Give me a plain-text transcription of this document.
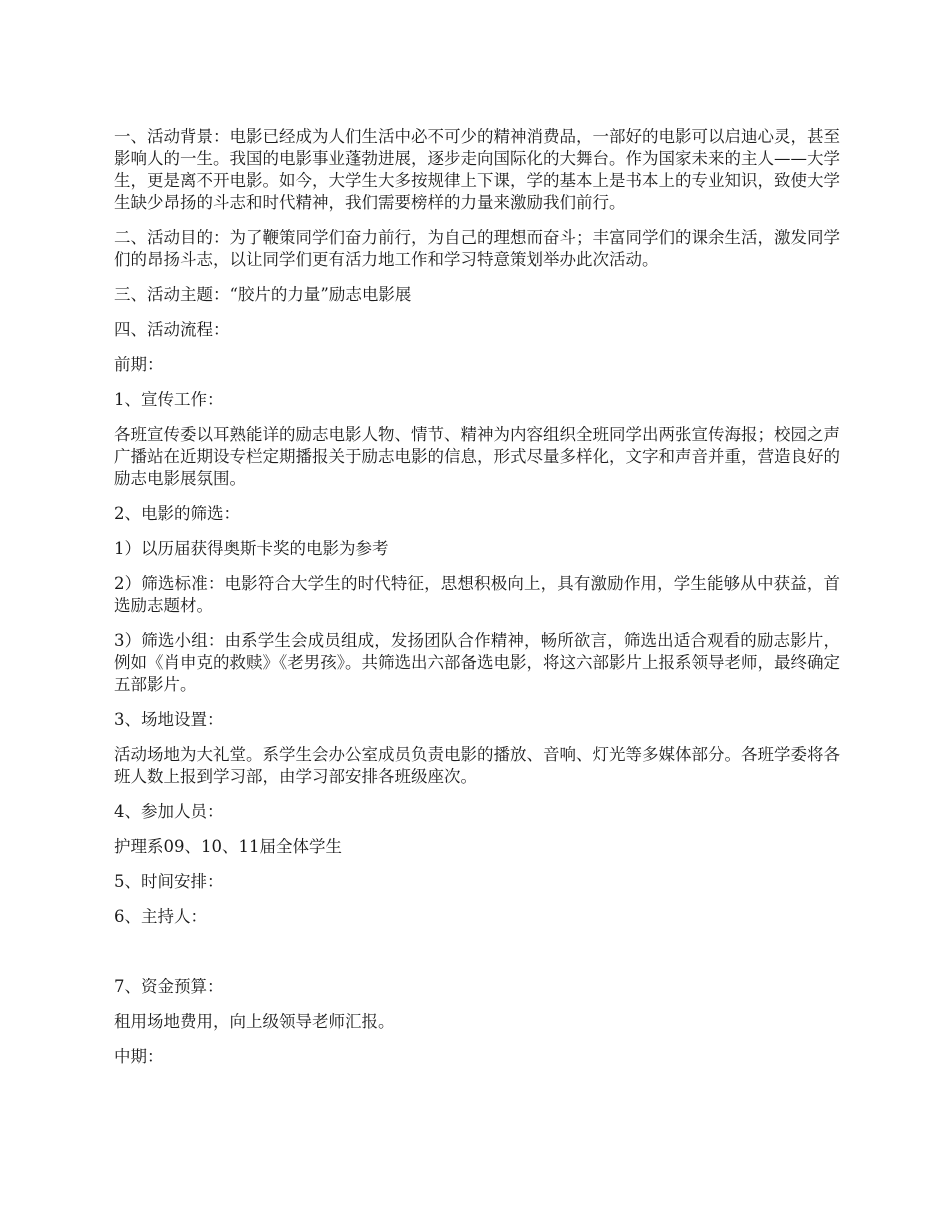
一、活动背景：电影已经成为人们生活中必不可少的精神消费品，一部好的电影可以启迪心灵，甚至影响人的一生。我国的电影事业蓬勃进展，逐步走向国际化的大舞台。作为国家未来的主人——大学生，更是离不开电影。如今，大学生大多按规律上下课，学的基本上是书本上的专业知识，致使大学生缺少昂扬的斗志和时代精神，我们需要榜样的力量来激励我们前行。

二、活动目的：为了鞭策同学们奋力前行，为自己的理想而奋斗；丰富同学们的课余生活，激发同学们的昂扬斗志，以让同学们更有活力地工作和学习特意策划举办此次活动。

三、活动主题：“胶片的力量”励志电影展

四、活动流程：

前期：

1、宣传工作：

各班宣传委以耳熟能详的励志电影人物、情节、精神为内容组织全班同学出两张宣传海报；校园之声广播站在近期设专栏定期播报关于励志电影的信息，形式尽量多样化，文字和声音并重，营造良好的励志电影展氛围。

2、电影的筛选：

1）以历届获得奥斯卡奖的电影为参考

2）筛选标准：电影符合大学生的时代特征，思想积极向上，具有激励作用，学生能够从中获益，首选励志题材。

3）筛选小组：由系学生会成员组成，发扬团队合作精神，畅所欲言，筛选出适合观看的励志影片，例如《肖申克的救赎》《老男孩》。共筛选出六部备选电影，将这六部影片上报系领导老师，最终确定五部影片。

3、场地设置：

活动场地为大礼堂。系学生会办公室成员负责电影的播放、音响、灯光等多媒体部分。各班学委将各班人数上报到学习部，由学习部安排各班级座次。

4、参加人员：

护理系09、10、11届全体学生

5、时间安排：

6、主持人：

7、资金预算：

租用场地费用，向上级领导老师汇报。

中期：
